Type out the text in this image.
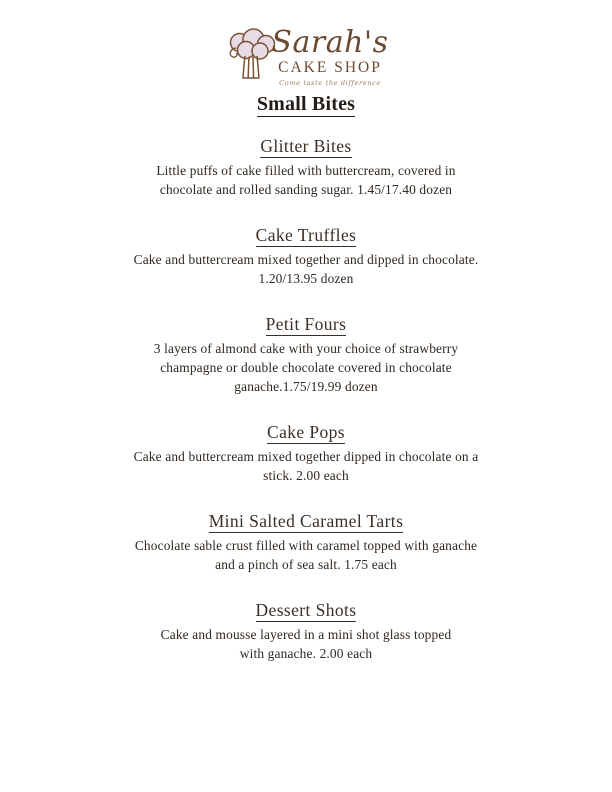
Sarah's
CAKE SHOP
Come taste the difference
Small Bites
Glitter Bites
Little puffs of cake filled with buttercream, covered in
chocolate and rolled sanding sugar. 1.45/17.40 dozen
Cake Truffles
Cake and buttercream mixed together and dipped in chocolate.
1.20/13.95 dozen
Petit Fours
3 layers of almond cake with your choice of strawberry
champagne or double chocolate covered in chocolate
ganache.1.75/19.99 dozen
Cake Pops
Cake and buttercream mixed together dipped in chocolate on a
stick. 2.00 each
Mini Salted Caramel Tarts
Chocolate sable crust filled with caramel topped with ganache
and a pinch of sea salt. 1.75 each
Dessert Shots
Cake and mousse layered in a mini shot glass topped
with ganache. 2.00 each
